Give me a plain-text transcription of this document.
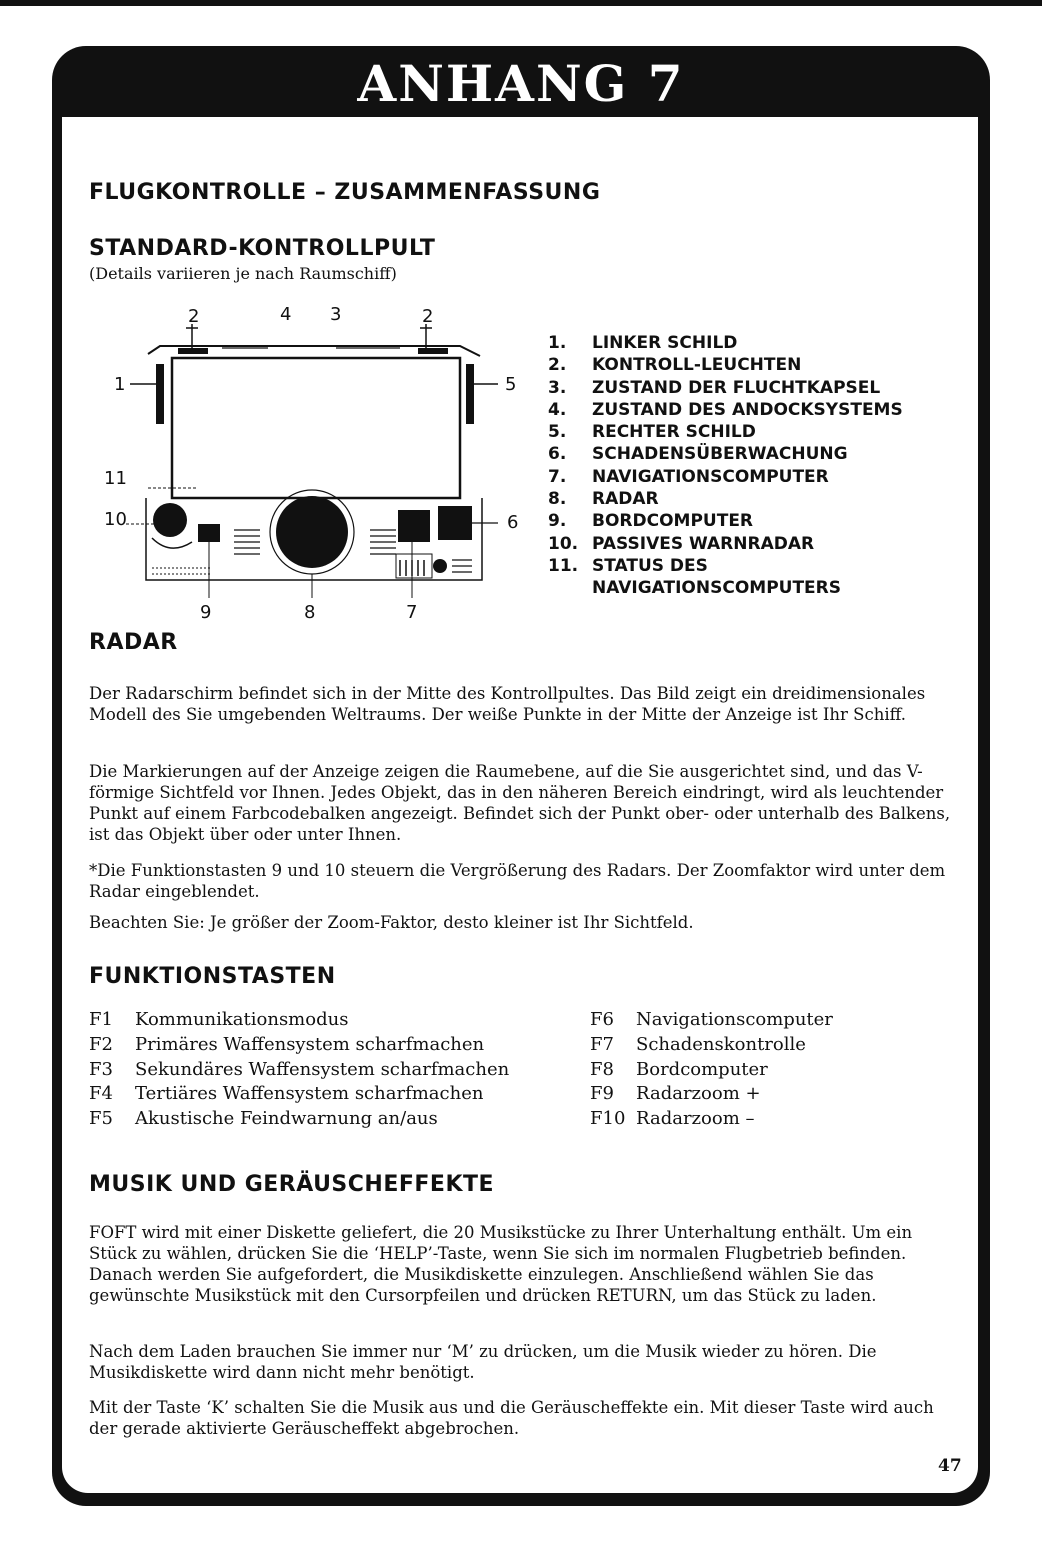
ANHANG 7
FLUGKONTROLLE – ZUSAMMENFASSUNG
STANDARD-KONTROLLPULT
(Details variieren je nach Raumschiff)
2	4 3	2
1
11
10
5
6
9	8	7
1.	LINKER SCHILD
2.	KONTROLL-LEUCHTEN
3.	ZUSTAND DER FLUCHTKAPSEL
4.	ZUSTAND DES ANDOCKSYSTEMS
5.	RECHTER SCHILD
6.	SCHADENSÜBERWACHUNG
7.	NAVIGATIONSCOMPUTER
8.	RADAR
9.	BORDCOMPUTER
10. PASSIVES WARNRADAR
11. STATUS DES
NAVIGATIONSCOMPUTERS
RADAR

Der Radarschirm befindet sich in der Mitte des Kontrollpultes. Das Bild zeigt ein dreidimensionales Modell des Sie umgebenden Weltraums. Der weiße Punkte in der Mitte der Anzeige ist Ihr Schiff.

Die Markierungen auf der Anzeige zeigen die Raumebene, auf die Sie ausgerichtet sind, und das V-förmige Sichtfeld vor Ihnen. Jedes Objekt, das in den näheren Bereich eindringt, wird als leuchtender Punkt auf einem Farbcodebalken angezeigt. Befindet sich der Punkt ober- oder unterhalb des Balkens, ist das Objekt über oder unter Ihnen.

*Die Funktionstasten 9 und 10 steuern die Vergrößerung des Radars. Der Zoomfaktor wird unter dem Radar eingeblendet.

Beachten Sie: Je größer der Zoom-Faktor, desto kleiner ist Ihr Sichtfeld.

FUNKTIONSTASTEN
F1	Kommunikationsmodus
F2	Primäres Waffensystem scharfmachen
F3	Sekundäres Waffensystem scharfmachen
F4	Tertiäres Waffensystem scharfmachen
F5	Akustische Feindwarnung an/aus
F6	Navigationscomputer
F7	Schadenskontrolle
F8	Bordcomputer
F9	Radarzoom +
F10 Radarzoom –
MUSIK UND GERÄUSCHEFFEKTE

FOFT wird mit einer Diskette geliefert, die 20 Musikstücke zu Ihrer Unterhaltung enthält. Um ein Stück zu wählen, drücken Sie die ‘HELP’-Taste, wenn Sie sich im normalen Flugbetrieb befinden. Danach werden Sie aufgefordert, die Musikdiskette einzulegen. Anschließend wählen Sie das gewünschte Musikstück mit den Cursorpfeilen und drücken RETURN, um das Stück zu laden.

Nach dem Laden brauchen Sie immer nur ‘M’ zu drücken, um die Musik wieder zu hören. Die Musikdiskette wird dann nicht mehr benötigt.

Mit der Taste ‘K’ schalten Sie die Musik aus und die Geräuscheffekte ein. Mit dieser Taste wird auch der gerade aktivierte Geräuscheffekt abgebrochen.

47
